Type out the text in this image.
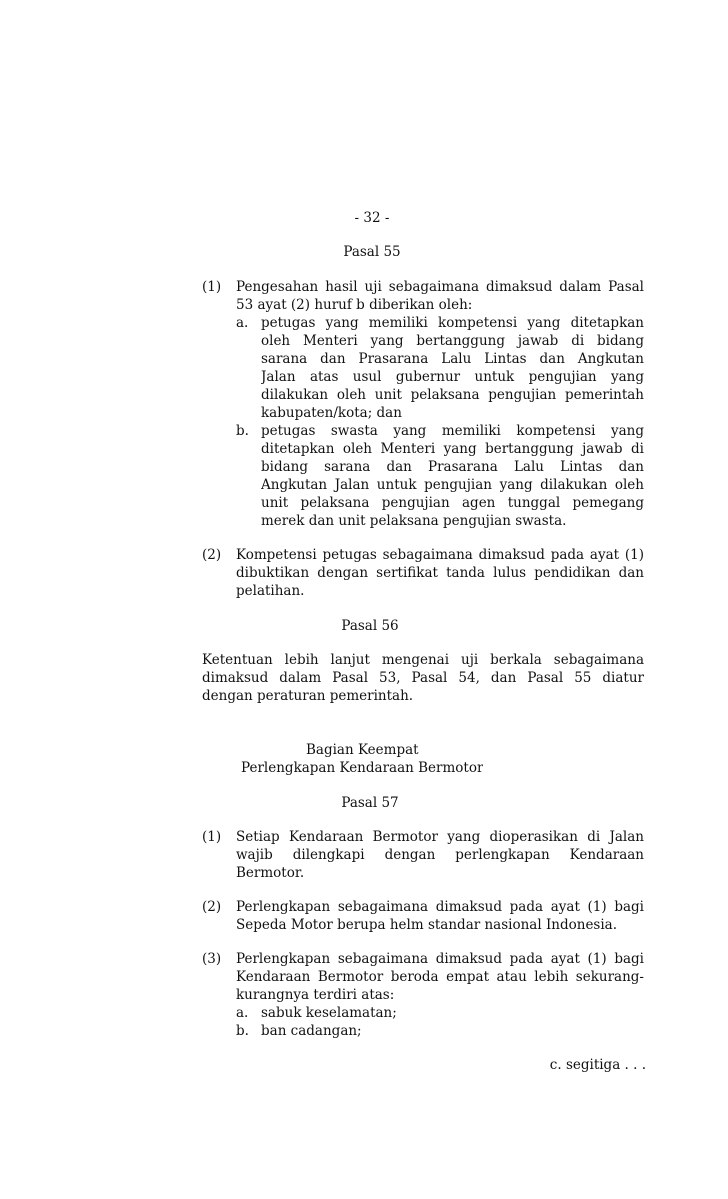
- 32 -
Pasal 55
(1) Pengesahan hasil uji sebagaimana dimaksud dalam Pasal
53 ayat (2) huruf b diberikan oleh:
a. petugas yang memiliki kompetensi yang ditetapkan
oleh Menteri yang bertanggung jawab di bidang
sarana dan Prasarana Lalu Lintas dan Angkutan
Jalan atas usul gubernur untuk pengujian yang
dilakukan oleh unit pelaksana pengujian pemerintah
kabupaten/kota; dan
b. petugas swasta yang memiliki kompetensi yang
ditetapkan oleh Menteri yang bertanggung jawab di
bidang sarana dan Prasarana Lalu Lintas dan
Angkutan Jalan untuk pengujian yang dilakukan oleh
unit pelaksana pengujian agen tunggal pemegang
merek dan unit pelaksana pengujian swasta.
(2) Kompetensi petugas sebagaimana dimaksud pada ayat (1)
dibuktikan dengan sertifikat tanda lulus pendidikan dan
pelatihan.
Pasal 56
Ketentuan lebih lanjut mengenai uji berkala sebagaimana
dimaksud dalam Pasal 53, Pasal 54, dan Pasal 55 diatur
dengan peraturan pemerintah.
Bagian Keempat
Perlengkapan Kendaraan Bermotor
Pasal 57
(1) Setiap Kendaraan Bermotor yang dioperasikan di Jalan
wajib dilengkapi dengan perlengkapan Kendaraan
Bermotor.
(2) Perlengkapan sebagaimana dimaksud pada ayat (1) bagi
Sepeda Motor berupa helm standar nasional Indonesia.
(3) Perlengkapan sebagaimana dimaksud pada ayat (1) bagi
Kendaraan Bermotor beroda empat atau lebih sekurang-
kurangnya terdiri atas:
a. sabuk keselamatan;
b. ban cadangan;
c. segitiga . . .
